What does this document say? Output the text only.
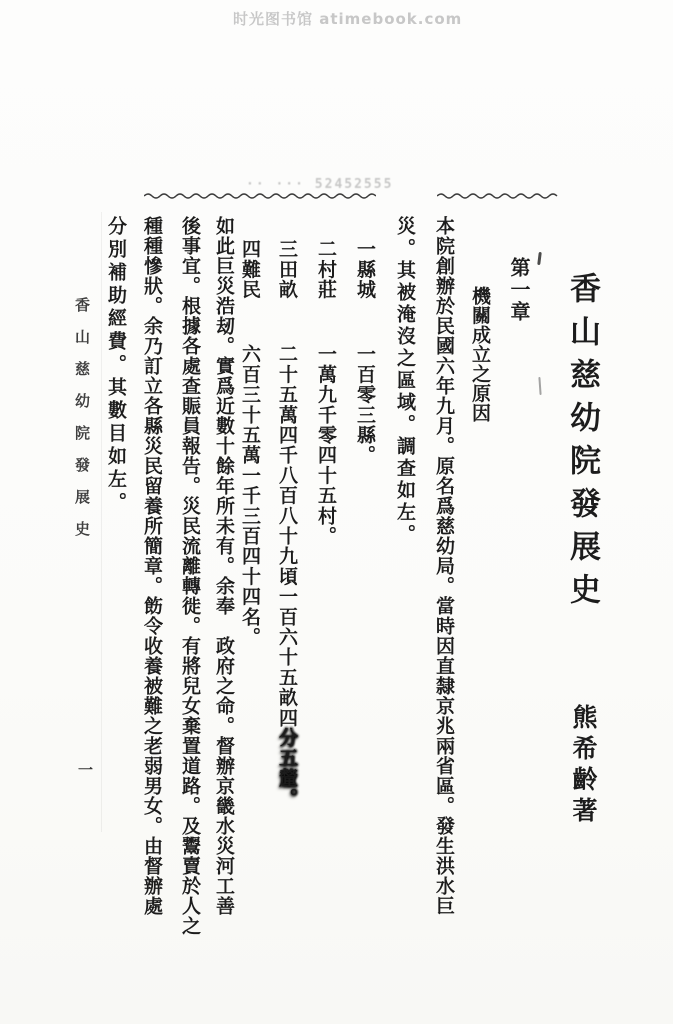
时光图书馆 atimebook.com
·· ··· 52452555
香山慈幼院發展史
熊希齡著
第一章
機關成立之原因
本院創辦於民國六年九月。原名爲慈幼局。當時因直隸京兆兩省區。發生洪水巨
災。其被淹沒之區域。調查如左。
一縣城一百零三縣。
二村莊一萬九千零四十五村。
三田畝二十五萬四千八百八十九頃一百六十五畝四分五釐。
四難民六百三十五萬一千三百四十四名。
如此巨災浩刼。實爲近數十餘年所未有。余奉　政府之命。督辦京畿水災河工善
後事宜。根據各處查賑員報告。災民流離轉徙。有將兒女棄置道路。及鬻賣於人之
種種慘狀。余乃訂立各縣災民留養所簡章。飭令收養被難之老弱男女。由督辦處
分別補助經費。其數目如左。
香山慈幼院發展史
一
